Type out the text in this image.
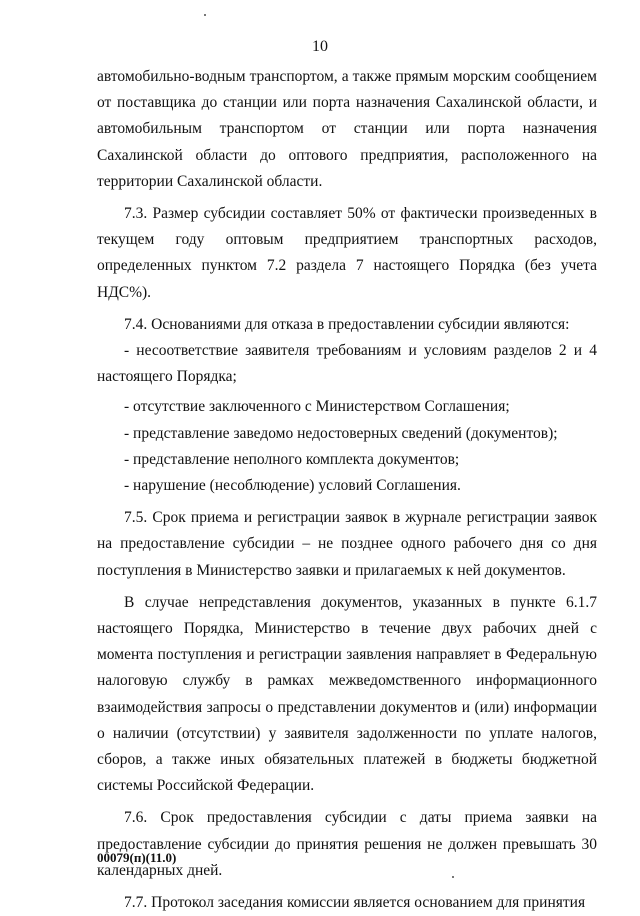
10

автомобильно-водным транспортом, а также прямым морским сообщением от поставщика до станции или порта назначения Сахалинской области, и автомобильным транспортом от станции или порта назначения Сахалинской области до оптового предприятия, расположенного на территории Сахалинской области.

7.3. Размер субсидии составляет 50% от фактически произведенных в текущем году оптовым предприятием транспортных расходов, определенных пунктом 7.2 раздела 7 настоящего Порядка (без учета НДС%).

7.4. Основаниями для отказа в предоставлении субсидии являются:

- несоответствие заявителя требованиям и условиям разделов 2 и 4 настоящего Порядка;

- отсутствие заключенного с Министерством Соглашения;

- представление заведомо недостоверных сведений (документов);

- представление неполного комплекта документов;

- нарушение (несоблюдение) условий Соглашения.

7.5. Срок приема и регистрации заявок в журнале регистрации заявок на предоставление субсидии – не позднее одного рабочего дня со дня поступления в Министерство заявки и прилагаемых к ней документов.

В случае непредставления документов, указанных в пункте 6.1.7 настоящего Порядка, Министерство в течение двух рабочих дней с момента поступления и регистрации заявления направляет в Федеральную налоговую службу в рамках межведомственного информационного взаимодействия запросы о представлении документов и (или) информации о наличии (отсутствии) у заявителя задолженности по уплате налогов, сборов, а также иных обязательных платежей в бюджеты бюджетной системы Российской Федерации.

7.6. Срок предоставления субсидии с даты приема заявки на предоставление субсидии до принятия решения не должен превышать 30 календарных дней.

7.7. Протокол заседания комиссии является основанием для принятия

00079(п)(11.0)
